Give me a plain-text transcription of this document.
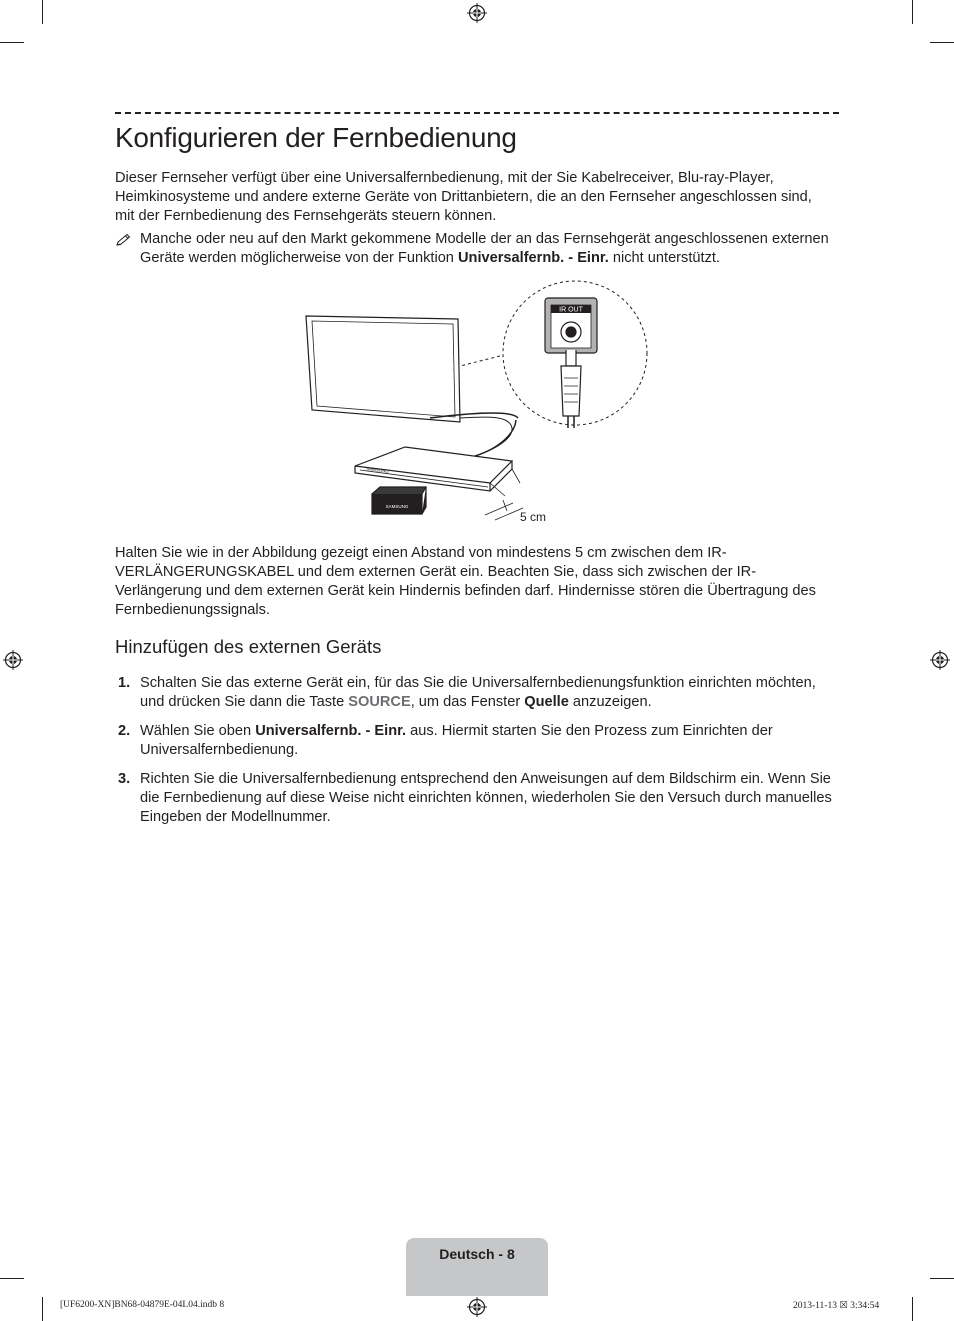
Konfigurieren der Fernbedienung

Dieser Fernseher verfügt über eine Universalfernbedienung, mit der Sie Kabelreceiver, Blu-ray-Player, Heimkinosysteme und andere externe Geräte von Drittanbietern, die an den Fernseher angeschlossen sind, mit der Fernbedienung des Fernsehgeräts steuern können.

Manche oder neu auf den Markt gekommene Modelle der an das Fernsehgerät angeschlossenen externen Geräte werden möglicherweise von der Funktion Universalfernb. - Einr. nicht unterstützt.
IR OUT
5 cm
SAMSUNG
SAMSUNG

Halten Sie wie in der Abbildung gezeigt einen Abstand von mindestens 5 cm zwischen dem IR-VERLÄNGERUNGSKABEL und dem externen Gerät ein. Beachten Sie, dass sich zwischen der IR-Verlängerung und dem externen Gerät kein Hindernis befinden darf. Hindernisse stören die Übertragung des Fernbedienungssignals.

Hinzufügen des externen Geräts
1. Schalten Sie das externe Gerät ein, für das Sie die Universalfernbedienungsfunktion einrichten möchten, und drücken Sie dann die Taste SOURCE, um das Fenster Quelle anzuzeigen.
2. Wählen Sie oben Universalfernb. - Einr. aus. Hiermit starten Sie den Prozess zum Einrichten der Universalfernbedienung.
3. Richten Sie die Universalfernbedienung entsprechend den Anweisungen auf dem Bildschirm ein. Wenn Sie die Fernbedienung auf diese Weise nicht einrichten können, wiederholen Sie den Versuch durch manuelles Eingeben der Modellnummer.
Deutsch - 8
[UF6200-XN]BN68-04879E-04L04.indb 8	2013-11-13 ☒ 3:34:54
